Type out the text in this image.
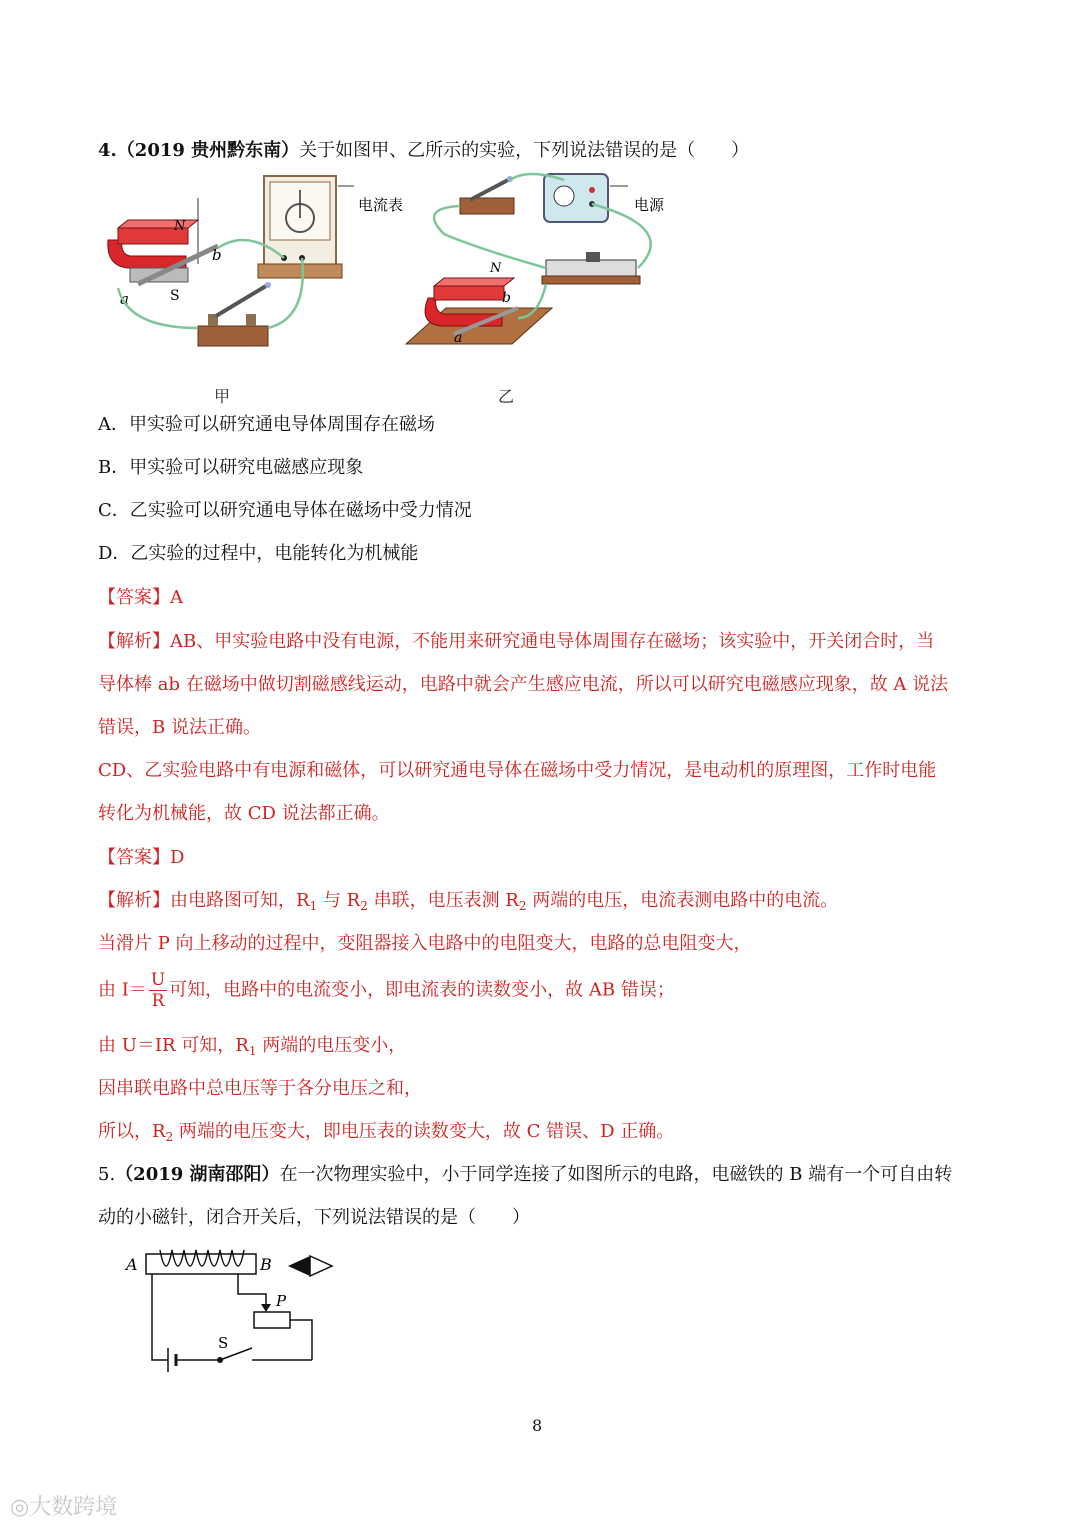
4.（2019 贵州黔东南）关于如图甲、乙所示的实验，下列说法错误的是（　　）
N
S
a
b
电流表	电源
N
a
b
甲	乙
A．甲实验可以研究通电导体周围存在磁场
B．甲实验可以研究电磁感应现象
C．乙实验可以研究通电导体在磁场中受力情况
D．乙实验的过程中，电能转化为机械能
【答案】A
【解析】AB、甲实验电路中没有电源，不能用来研究通电导体周围存在磁场；该实验中，开关闭合时，当
导体棒 ab 在磁场中做切割磁感线运动，电路中就会产生感应电流，所以可以研究电磁感应现象，故 A 说法
错误，B 说法正确。
CD、乙实验电路中有电源和磁体，可以研究通电导体在磁场中受力情况，是电动机的原理图，工作时电能
转化为机械能，故 CD 说法都正确。
【答案】D
【解析】由电路图可知，$R_1$ 与 $R_2$ 串联，电压表测 $R_2$ 两端的电压，电流表测电路中的电流。
当滑片 P 向上移动的过程中，变阻器接入电路中的电阻变大，电路的总电阻变大，
由 $I= \frac{U}{R}$ 可知，电路中的电流变小，即电流表的读数变小，故 AB 错误；
由 U＝IR 可知，$R_1$ 两端的电压变小，
因串联电路中总电压等于各分电压之和，
所以，$R_2$ 两端的电压变大，即电压表的读数变大，故 C 错误、D 正确。
5.（2019 湖南邵阳）在一次物理实验中，小于同学连接了如图所示的电路，电磁铁的 B 端有一个可自由转
动的小磁针，闭合开关后，下列说法错误的是（　　）
A	B
S
P
8
◎大数跨境
